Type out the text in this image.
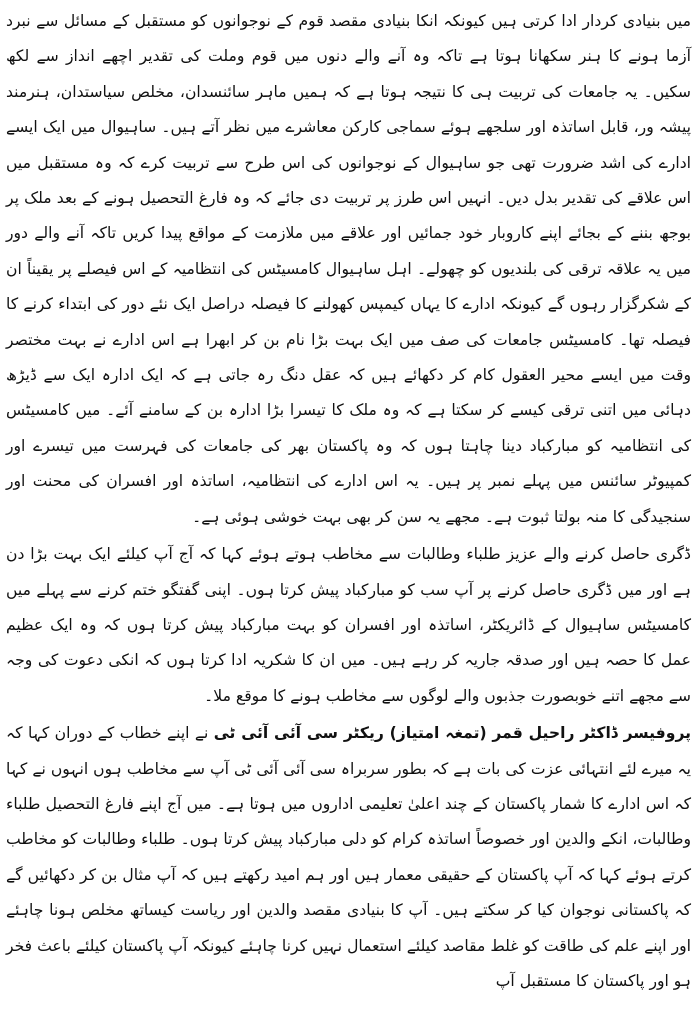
میں بنیادی کردار ادا کرتی ہیں کیونکہ انکا بنیادی مقصد قوم کے نوجوانوں کو مستقبل کے مسائل سے نبرد آزما ہونے کا ہنر سکھانا ہوتا ہے تاکہ وہ آنے والے دنوں میں قوم وملت کی تقدیر اچھے انداز سے لکھ سکیں۔ یہ جامعات کی تربیت ہی کا نتیجہ ہوتا ہے کہ ہمیں ماہر سائنسدان، مخلص سیاستدان، ہنرمند پیشہ ور، قابل اساتذہ اور سلجھے ہوئے سماجی کارکن معاشرے میں نظر آتے ہیں۔ ساہیوال میں ایک ایسے ادارے کی اشد ضرورت تھی جو ساہیوال کے نوجوانوں کی اس طرح سے تربیت کرے کہ وہ مستقبل میں اس علاقے کی تقدیر بدل دیں۔ انہیں اس طرز پر تربیت دی جائے کہ وہ فارغ التحصیل ہونے کے بعد ملک پر بوجھ بننے کے بجائے اپنے کاروبار خود جمائیں اور علاقے میں ملازمت کے مواقع پیدا کریں تاکہ آنے والے دور میں یہ علاقہ ترقی کی بلندیوں کو چھولے۔ اہل ساہیوال کامسیٹس کی انتظامیہ کے اس فیصلے پر یقیناً ان کے شکرگزار رہوں گے کیونکہ ادارے کا یہاں کیمپس کھولنے کا فیصلہ دراصل ایک نئے دور کی ابتداء کرنے کا فیصلہ تھا۔ کامسیٹس جامعات کی صف میں ایک بہت بڑا نام بن کر ابھرا ہے اس ادارے نے بہت مختصر وقت میں ایسے محیر العقول کام کر دکھائے ہیں کہ عقل دنگ رہ جاتی ہے کہ ایک ادارہ ایک سے ڈیڑھ دہائی میں اتنی ترقی کیسے کر سکتا ہے کہ وہ ملک کا تیسرا بڑا ادارہ بن کے سامنے آئے۔ میں کامسیٹس کی انتظامیہ کو مبارکباد دینا چاہتا ہوں کہ وہ پاکستان بھر کی جامعات کی فہرست میں تیسرے اور کمپیوٹر سائنس میں پہلے نمبر پر ہیں۔ یہ اس ادارے کی انتظامیہ، اساتذہ اور افسران کی محنت اور سنجیدگی کا منہ بولتا ثبوت ہے۔ مجھے یہ سن کر بھی بہت خوشی ہوئی ہے۔

ڈگری حاصل کرنے والے عزیز طلباء وطالبات سے مخاطب ہوتے ہوئے کہا کہ آج آپ کیلئے ایک بہت بڑا دن ہے اور میں ڈگری حاصل کرنے پر آپ سب کو مبارکباد پیش کرتا ہوں۔ اپنی گفتگو ختم کرنے سے پہلے میں کامسیٹس ساہیوال کے ڈائریکٹر، اساتذہ اور افسران کو بہت مبارکباد پیش کرتا ہوں کہ وہ ایک عظیم عمل کا حصہ ہیں اور صدقہ جاریہ کر رہے ہیں۔ میں ان کا شکریہ ادا کرتا ہوں کہ انکی دعوت کی وجہ سے مجھے اتنے خوبصورت جذبوں والے لوگوں سے مخاطب ہونے کا موقع ملا۔

پروفیسر ڈاکٹر راحیل قمر (تمغہ امتیاز) ریکٹر سی آئی آئی ٹی نے اپنے خطاب کے دوران کہا کہ یہ میرے لئے انتہائی عزت کی بات ہے کہ بطور سربراہ سی آئی آئی ٹی آپ سے مخاطب ہوں انہوں نے کہا کہ اس ادارے کا شمار پاکستان کے چند اعلیٰ تعلیمی اداروں میں ہوتا ہے۔ میں آج اپنے فارغ التحصیل طلباء وطالبات، انکے والدین اور خصوصاً اساتذہ کرام کو دلی مبارکباد پیش کرتا ہوں۔ طلباء وطالبات کو مخاطب کرتے ہوئے کہا کہ آپ پاکستان کے حقیقی معمار ہیں اور ہم امید رکھتے ہیں کہ آپ مثال بن کر دکھائیں گے کہ پاکستانی نوجوان کیا کر سکتے ہیں۔ آپ کا بنیادی مقصد والدین اور ریاست کیساتھ مخلص ہونا چاہئے اور اپنے علم کی طاقت کو غلط مقاصد کیلئے استعمال نہیں کرنا چاہئے کیونکہ آپ پاکستان کیلئے باعث فخر ہو اور پاکستان کا مستقبل آپ
